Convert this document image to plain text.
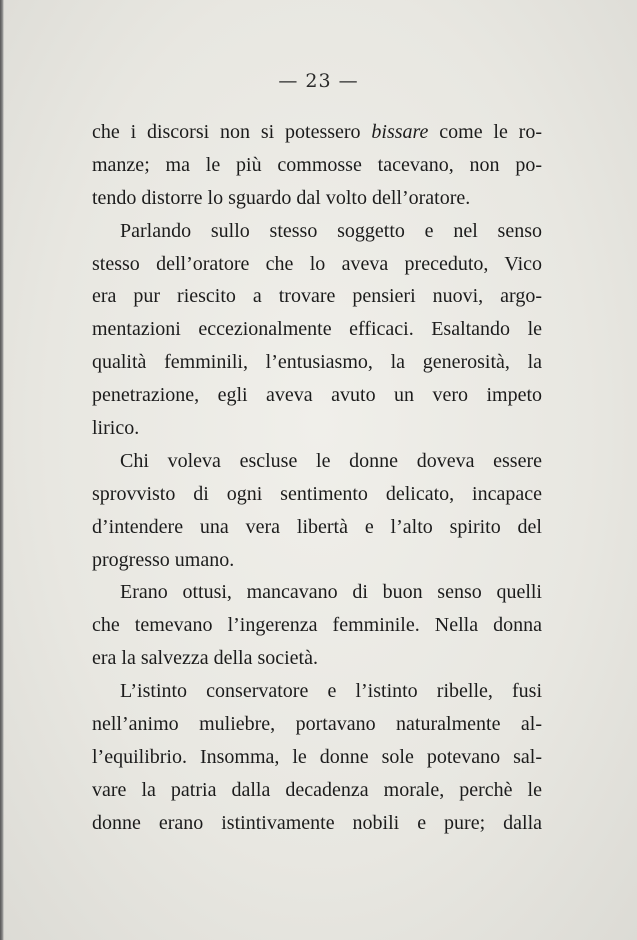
— 23 —
che i discorsi non si potessero bissare come le ro-
manze; ma le più commosse tacevano, non po-
tendo distorre lo sguardo dal volto dell’oratore.
Parlando sullo stesso soggetto e nel senso
stesso dell’oratore che lo aveva preceduto, Vico
era pur riescito a trovare pensieri nuovi, argo-
mentazioni eccezionalmente efficaci. Esaltando le
qualità femminili, l’entusiasmo, la generosità, la
penetrazione, egli aveva avuto un vero impeto
lirico.
Chi voleva escluse le donne doveva essere
sprovvisto di ogni sentimento delicato, incapace
d’intendere una vera libertà e l’alto spirito del
progresso umano.
Erano ottusi, mancavano di buon senso quelli
che temevano l’ingerenza femminile. Nella donna
era la salvezza della società.
L’istinto conservatore e l’istinto ribelle, fusi
nell’animo muliebre, portavano naturalmente al-
l’equilibrio. Insomma, le donne sole potevano sal-
vare la patria dalla decadenza morale, perchè le
donne erano istintivamente nobili e pure; dalla
